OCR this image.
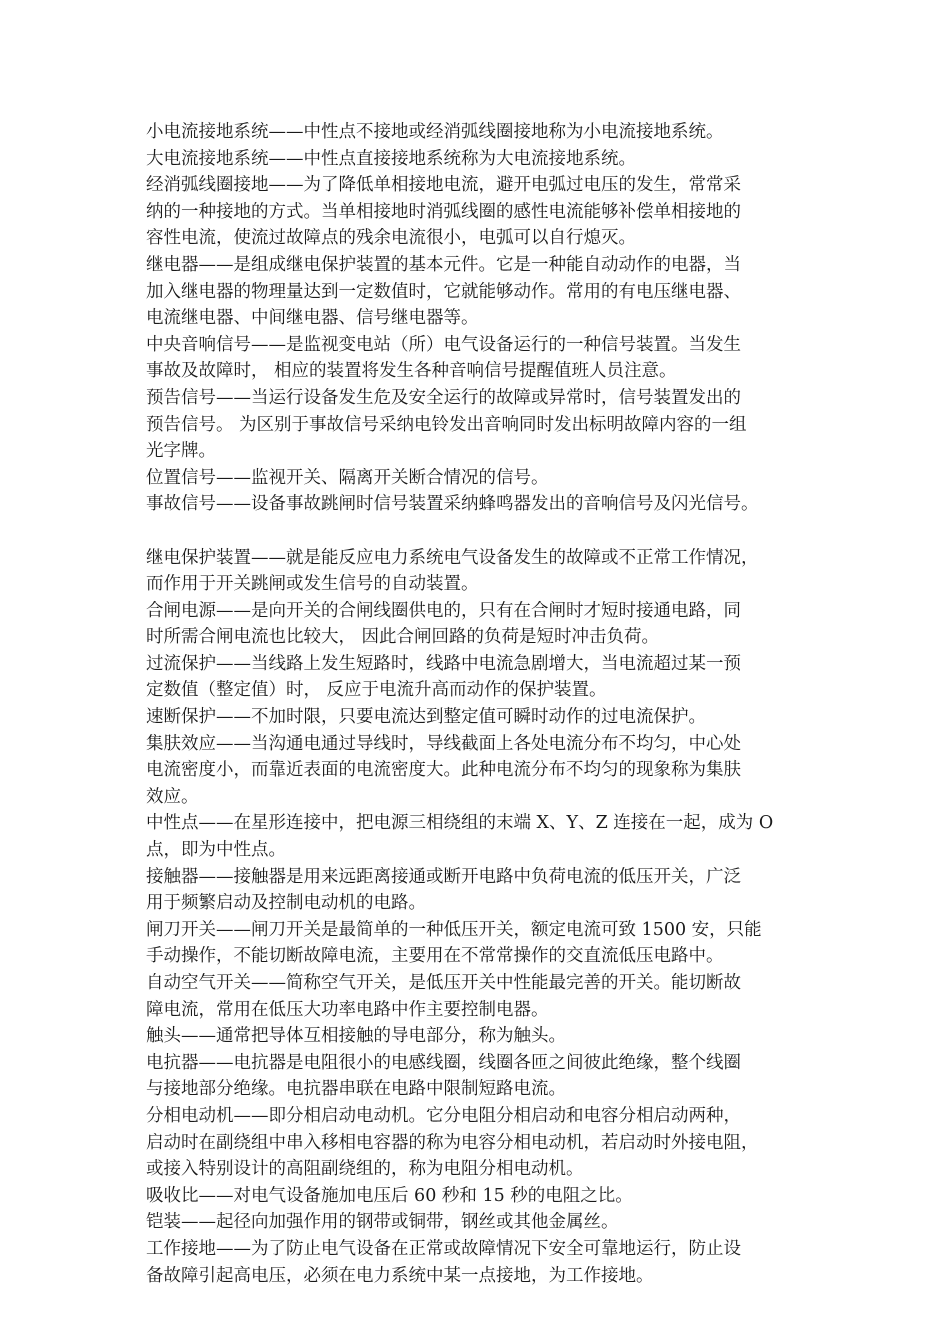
小电流接地系统——中性点不接地或经消弧线圈接地称为小电流接地系统。
大电流接地系统——中性点直接接地系统称为大电流接地系统。
经消弧线圈接地——为了降低单相接地电流，避开电弧过电压的发生，常常采
纳的一种接地的方式。当单相接地时消弧线圈的感性电流能够补偿单相接地的
容性电流，使流过故障点的残余电流很小，电弧可以自行熄灭。
继电器——是组成继电保护装置的基本元件。它是一种能自动动作的电器，当
加入继电器的物理量达到一定数值时，它就能够动作。常用的有电压继电器、
电流继电器、中间继电器、信号继电器等。
中央音响信号——是监视变电站（所）电气设备运行的一种信号装置。当发生
事故及故障时， 相应的装置将发生各种音响信号提醒值班人员注意。
预告信号——当运行设备发生危及安全运行的故障或异常时，信号装置发出的
预告信号。 为区别于事故信号采纳电铃发出音响同时发出标明故障内容的一组
光字牌。
位置信号——监视开关、隔离开关断合情况的信号。
事故信号——设备事故跳闸时信号装置采纳蜂鸣器发出的音响信号及闪光信号。
继电保护装置——就是能反应电力系统电气设备发生的故障或不正常工作情况，
而作用于开关跳闸或发生信号的自动装置。
合闸电源——是向开关的合闸线圈供电的，只有在合闸时才短时接通电路，同
时所需合闸电流也比较大， 因此合闸回路的负荷是短时冲击负荷。
过流保护——当线路上发生短路时，线路中电流急剧增大，当电流超过某一预
定数值（整定值）时， 反应于电流升高而动作的保护装置。
速断保护——不加时限，只要电流达到整定值可瞬时动作的过电流保护。
集肤效应——当沟通电通过导线时，导线截面上各处电流分布不均匀，中心处
电流密度小，而靠近表面的电流密度大。此种电流分布不均匀的现象称为集肤
效应。
中性点——在星形连接中，把电源三相绕组的末端 X、Y、Z 连接在一起，成为 O
点，即为中性点。
接触器——接触器是用来远距离接通或断开电路中负荷电流的低压开关，广泛
用于频繁启动及控制电动机的电路。
闸刀开关——闸刀开关是最简单的一种低压开关，额定电流可致 1500 安，只能
手动操作，不能切断故障电流，主要用在不常常操作的交直流低压电路中。
自动空气开关——简称空气开关，是低压开关中性能最完善的开关。能切断故
障电流，常用在低压大功率电路中作主要控制电器。
触头——通常把导体互相接触的导电部分，称为触头。
电抗器——电抗器是电阻很小的电感线圈，线圈各匝之间彼此绝缘，整个线圈
与接地部分绝缘。电抗器串联在电路中限制短路电流。
分相电动机——即分相启动电动机。它分电阻分相启动和电容分相启动两种，
启动时在副绕组中串入移相电容器的称为电容分相电动机，若启动时外接电阻，
或接入特别设计的高阻副绕组的，称为电阻分相电动机。
吸收比——对电气设备施加电压后 60 秒和 15 秒的电阻之比。
铠装——起径向加强作用的钢带或铜带，钢丝或其他金属丝。
工作接地——为了防止电气设备在正常或故障情况下安全可靠地运行，防止设
备故障引起高电压，必须在电力系统中某一点接地，为工作接地。
